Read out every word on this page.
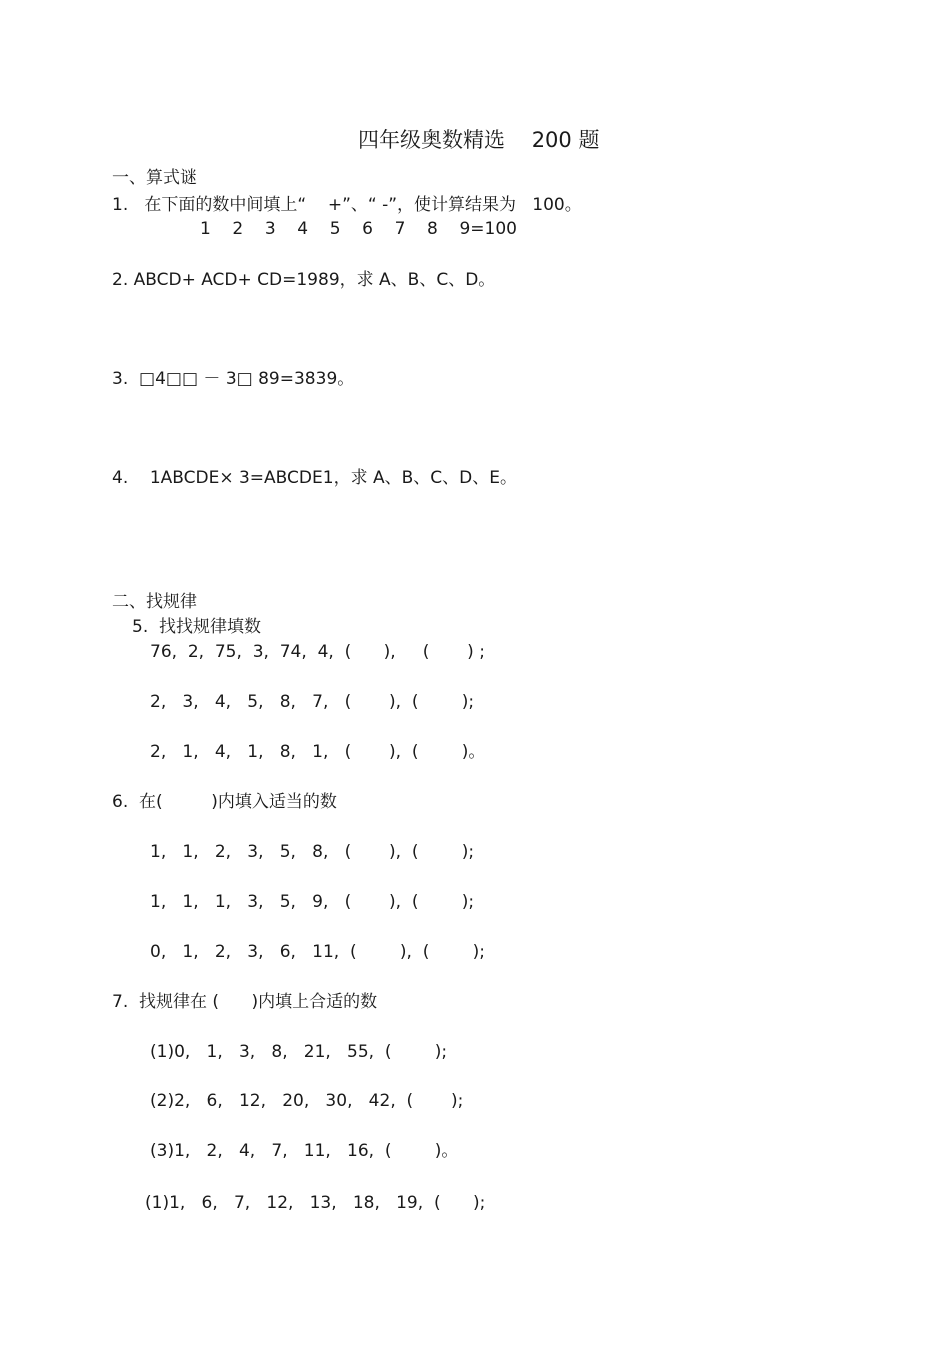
四年级奥数精选    200 题
一、算式谜
1.   在下面的数中间填上“    +”、“ -”，使计算结果为   100。
1    2    3    4    5    6    7    8    9=100
2. ABCD+ ACD+ CD=1989，求 A、B、C、D。
3.  □4□□ － 3□ 89=3839。
4.    1ABCDE× 3=ABCDE1，求 A、B、C、D、E。
二、找规律
5.  找找规律填数
76,  2,  75,  3,  74,  4,  (      ),     (       ) ;
2,   3,   4,   5,   8,   7,   (       ),  (        );
2,   1,   4,   1,   8,   1,   (       ),  (        )。
6.  在(         )内填入适当的数
1,   1,   2,   3,   5,   8,   (       ),  (        );
1,   1,   1,   3,   5,   9,   (       ),  (        );
0,   1,   2,   3,   6,   11,  (        ),  (        );
7.  找规律在 (      )内填上合适的数
(1)0,   1,   3,   8,   21,   55,  (        );
(2)2,   6,   12,   20,   30,   42,  (       );
(3)1,   2,   4,   7,   11,   16,  (        )。
(1)1,   6,   7,   12,   13,   18,   19,  (      );
